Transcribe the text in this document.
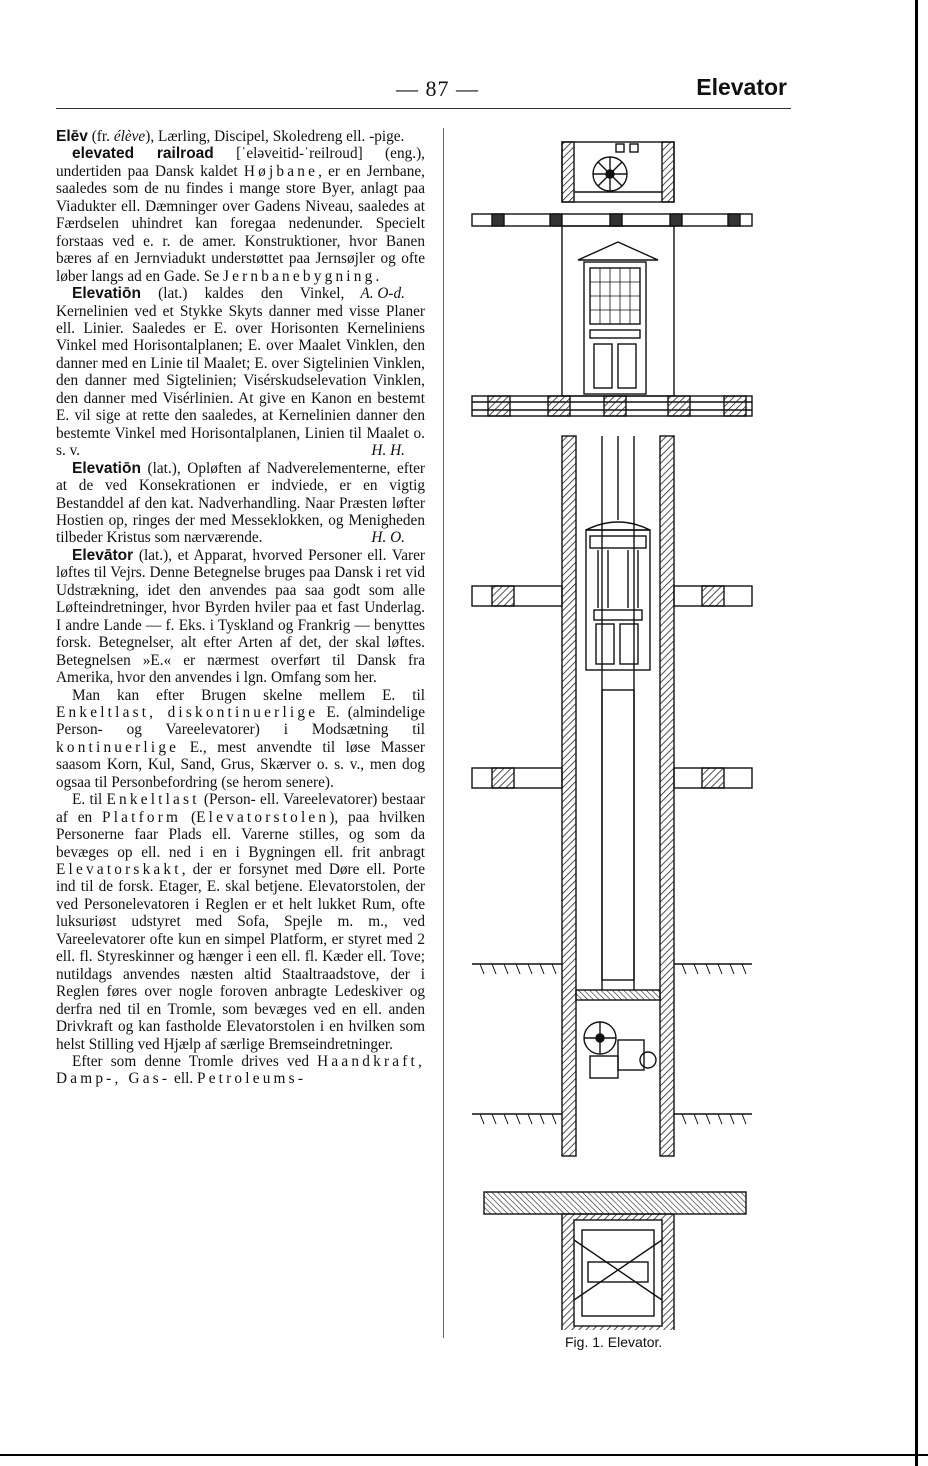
— 87 —	Elevator

Elēv (fr. élève), Lærling, Discipel, Skoledreng ell. -pige.

elevated railroad [ˈeləveitid-ˈreilroud] (eng.), undertiden paa Dansk kaldet Højbane, er en Jernbane, saaledes som de nu findes i mange store Byer, anlagt paa Viadukter ell. Dæmninger over Gadens Niveau, saaledes at Færdselen uhindret kan foregaa nedenunder. Specielt forstaas ved e. r. de amer. Konstruktioner, hvor Banen bæres af en Jernviadukt understøttet paa Jernsøjler og ofte løber langs ad en Gade. Se Jernbanebygning.
A. O-d.

Elevatiōn (lat.) kaldes den Vinkel, Kernelinien ved et Stykke Skyts danner med visse Planer ell. Linier. Saaledes er E. over Horisonten Kerneliniens Vinkel med Horisontalplanen; E. over Maalet Vinklen, den danner med en Linie til Maalet; E. over Sigtelinien Vinklen, den danner med Sigtelinien; Visérskudselevation Vinklen, den danner med Visérlinien. At give en Kanon en bestemt E. vil sige at rette den saaledes, at Kernelinien danner den bestemte Vinkel med Horisontalplanen, Linien til Maalet o. s. v.	H. H.

Elevatiōn (lat.), Opløften af Nadverelementerne, efter at de ved Konsekrationen er indviede, er en vigtig Bestanddel af den kat. Nadverhandling. Naar Præsten løfter Hostien op, ringes der med Messeklokken, og Menigheden tilbeder Kristus som nærværende.	H. O.

Elevātor (lat.), et Apparat, hvorved Personer ell. Varer løftes til Vejrs. Denne Betegnelse bruges paa Dansk i ret vid Udstrækning, idet den anvendes paa saa godt som alle Løfteindretninger, hvor Byrden hviler paa et fast Underlag. I andre Lande — f. Eks. i Tyskland og Frankrig — benyttes forsk. Betegnelser, alt efter Arten af det, der skal løftes. Betegnelsen »E.« er nærmest overført til Dansk fra Amerika, hvor den anvendes i lgn. Omfang som her.

Man kan efter Brugen skelne mellem E. til Enkeltlast, diskontinuerlige E. (almindelige Person- og Vareelevatorer) i Modsætning til kontinuerlige E., mest anvendte til løse Masser saasom Korn, Kul, Sand, Grus, Skærver o. s. v., men dog ogsaa til Personbefordring (se herom senere).

E. til Enkeltlast (Person- ell. Vareelevatorer) bestaar af en Platform (Elevatorstolen), paa hvilken Personerne faar Plads ell. Varerne stilles, og som da bevæges op ell. ned i en i Bygningen ell. frit anbragt Elevatorskakt, der er forsynet med Døre ell. Porte ind til de forsk. Etager, E. skal betjene. Elevatorstolen, der ved Personelevatoren i Reglen er et helt lukket Rum, ofte luksuriøst udstyret med Sofa, Spejle m. m., ved Vareelevatorer ofte kun en simpel Platform, er styret med 2 ell. fl. Styreskinner og hænger i een ell. fl. Kæder ell. Tove; nutildags anvendes næsten altid Staaltraadstove, der i Reglen føres over nogle foroven anbragte Ledeskiver og derfra ned til en Tromle, som bevæges ved en ell. anden Drivkraft og kan fastholde Elevatorstolen i en hvilken som helst Stilling ved Hjælp af særlige Bremseindretninger.

Efter som denne Tromle drives ved Haandkraft, Damp-, Gas- ell. Petroleums-

Fig. 1. Elevator.
